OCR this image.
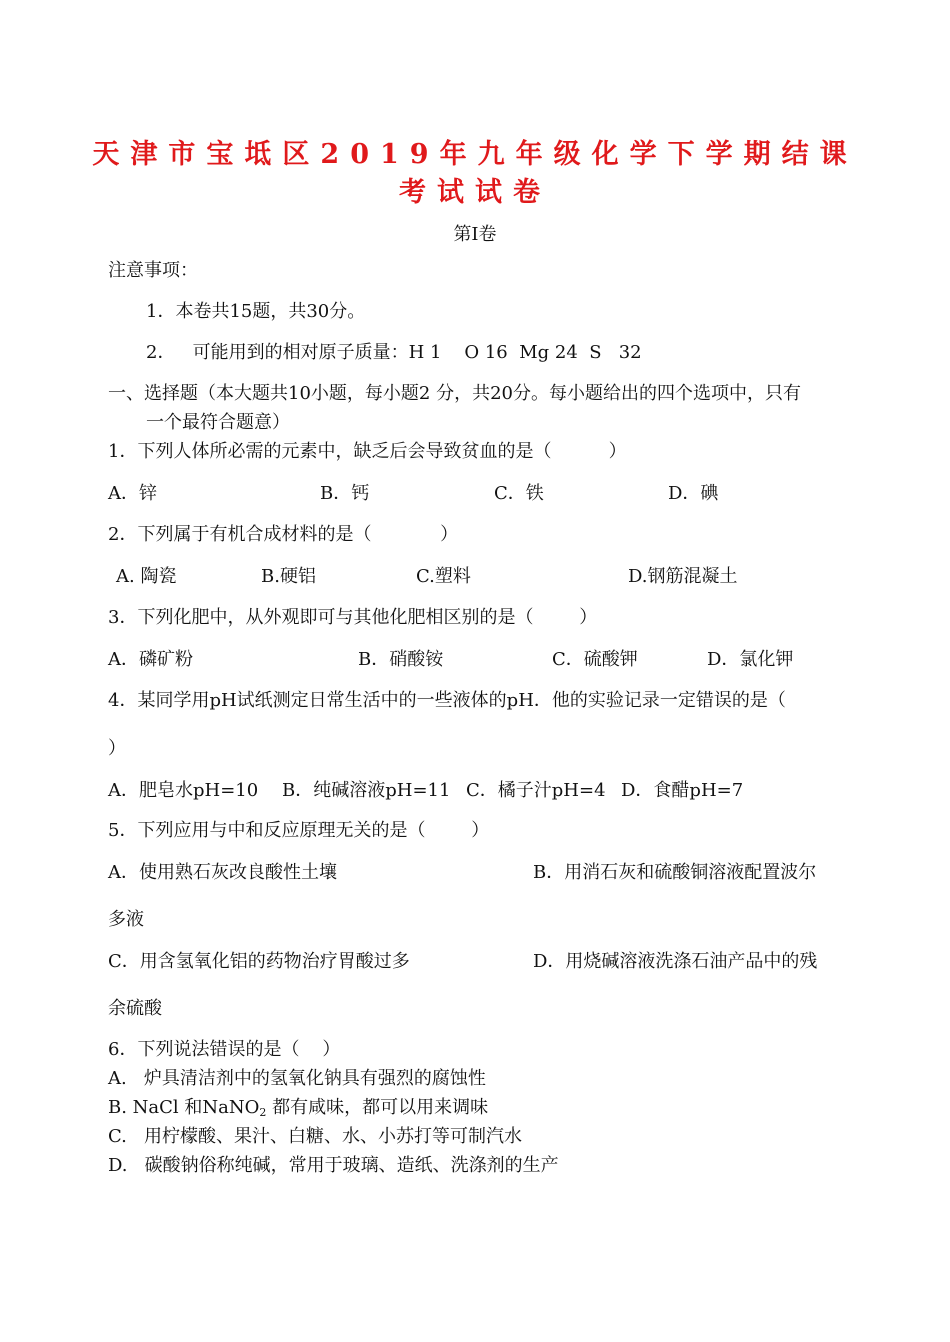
天津市宝坻区2019年九年级化学下学期结课
考试试卷
第I卷
注意事项：
1．本卷共15题，共30分。
2．   可能用到的相对原子质量：H 1    O 16  Mg 24  S   32
一、选择题（本大题共10小题，每小题2 分，共20分。每小题给出的四个选项中，只有
一个最符合题意）
1．下列人体所必需的元素中，缺乏后会导致贫血的是（          ）
A．锌	B．钙	C．铁	D．碘
2．下列属于有机合成材料的是（            ）
A. 陶瓷	B.硬铝	C.塑料	D.钢筋混凝土
3．下列化肥中，从外观即可与其他化肥相区别的是（        ）
A．磷矿粉	B．硝酸铵	C．硫酸钾	D．氯化钾
4．某同学用pH试纸测定日常生活中的一些液体的pH．他的实验记录一定错误的是（
）
A．肥皂水pH=10 B．纯碱溶液pH=11 C．橘子汁pH=4 D．食醋pH=7
5．下列应用与中和反应原理无关的是（        ）
A．使用熟石灰改良酸性土壤	B．用消石灰和硫酸铜溶液配置波尔
多液
C．用含氢氧化铝的药物治疗胃酸过多	D．用烧碱溶液洗涤石油产品中的残
余硫酸
6．下列说法错误的是（    ）
A.   炉具清洁剂中的氢氧化钠具有强烈的腐蚀性
B. NaCl 和NaNO$_2$ 都有咸味，都可以用来调味
C.   用柠檬酸、果汁、白糖、水、小苏打等可制汽水
D.   碳酸钠俗称纯碱，常用于玻璃、造纸、洗涤剂的生产
